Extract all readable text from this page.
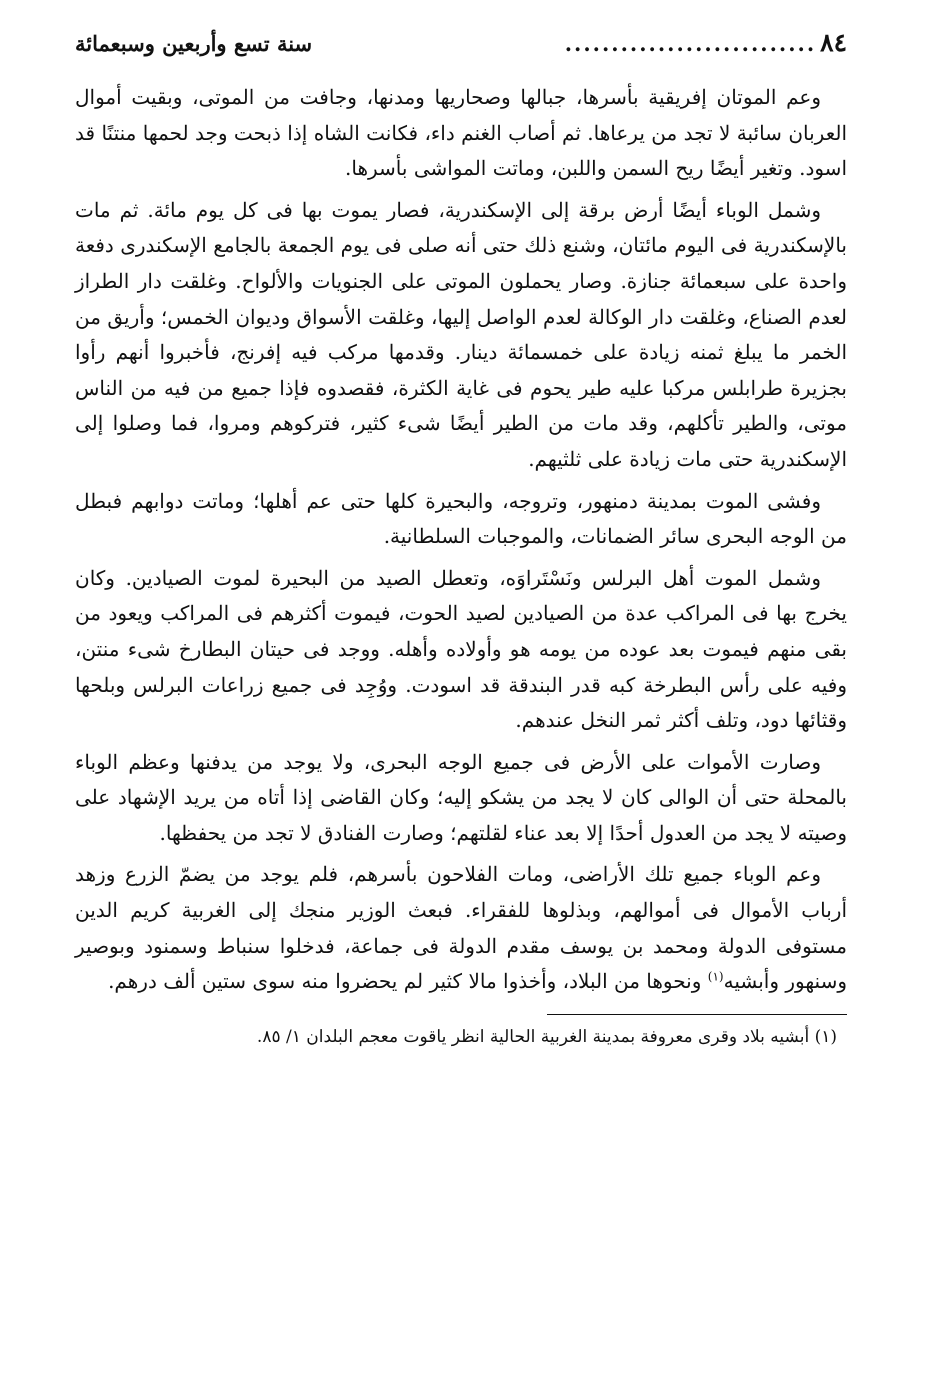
٨٤
...........................
سنة تسع وأربعين وسبعمائة

وعم الموتان إفريقية بأسرها، جبالها وصحاريها ومدنها، وجافت من الموتى، وبقيت أموال العربان سائبة لا تجد من يرعاها. ثم أصاب الغنم داء، فكانت الشاه إذا ذبحت وجد لحمها منتنًا قد اسود. وتغير أيضًا ريح السمن واللبن، وماتت المواشى بأسرها.

وشمل الوباء أيضًا أرض برقة إلى الإسكندرية، فصار يموت بها فى كل يوم مائة. ثم مات بالإسكندرية فى اليوم مائتان، وشنع ذلك حتى أنه صلى فى يوم الجمعة بالجامع الإسكندرى دفعة واحدة على سبعمائة جنازة. وصار يحملون الموتى على الجنويات والألواح. وغلقت دار الطراز لعدم الصناع، وغلقت دار الوكالة لعدم الواصل إليها، وغلقت الأسواق وديوان الخمس؛ وأريق من الخمر ما يبلغ ثمنه زيادة على خمسمائة دينار. وقدمها مركب فيه إفرنج، فأخبروا أنهم رأوا بجزيرة طرابلس مركبا عليه طير يحوم فى غاية الكثرة، فقصدوه فإذا جميع من فيه من الناس موتى، والطير تأكلهم، وقد مات من الطير أيضًا شىء كثير، فتركوهم ومروا، فما وصلوا إلى الإسكندرية حتى مات زيادة على ثلثيهم.

وفشى الموت بمدينة دمنهور، وتروجه، والبحيرة كلها حتى عم أهلها؛ وماتت دوابهم فبطل من الوجه البحرى سائر الضمانات، والموجبات السلطانية.

وشمل الموت أهل البرلس ونَسْتَراوَه، وتعطل الصيد من البحيرة لموت الصيادين. وكان يخرج بها فى المراكب عدة من الصيادين لصيد الحوت، فيموت أكثرهم فى المراكب ويعود من بقى منهم فيموت بعد عوده من يومه هو وأولاده وأهله. ووجد فى حيتان البطارخ شىء منتن، وفيه على رأس البطرخة كبه قدر البندقة قد اسودت. ووُجِد فى جميع زراعات البرلس وبلحها وقثائها دود، وتلف أكثر ثمر النخل عندهم.

وصارت الأموات على الأرض فى جميع الوجه البحرى، ولا يوجد من يدفنها وعظم الوباء بالمحلة حتى أن الوالى كان لا يجد من يشكو إليه؛ وكان القاضى إذا أتاه من يريد الإشهاد على وصيته لا يجد من العدول أحدًا إلا بعد عناء لقلتهم؛ وصارت الفنادق لا تجد من يحفظها.

وعم الوباء جميع تلك الأراضى، ومات الفلاحون بأسرهم، فلم يوجد من يضمّ الزرع وزهد أرباب الأموال فى أموالهم، وبذلوها للفقراء. فبعث الوزير منجك إلى الغربية كريم الدين مستوفى الدولة ومحمد بن يوسف مقدم الدولة فى جماعة، فدخلوا سنباط وسمنود وبوصير وسنهور وأبشيه$^{(١)}$ ونحوها من البلاد، وأخذوا مالا كثير لم يحضروا منه سوى ستين ألف درهم.

(١) أبشيه بلاد وقرى معروفة بمدينة الغربية الحالية انظر ياقوت معجم البلدان ١/ ٨٥.
